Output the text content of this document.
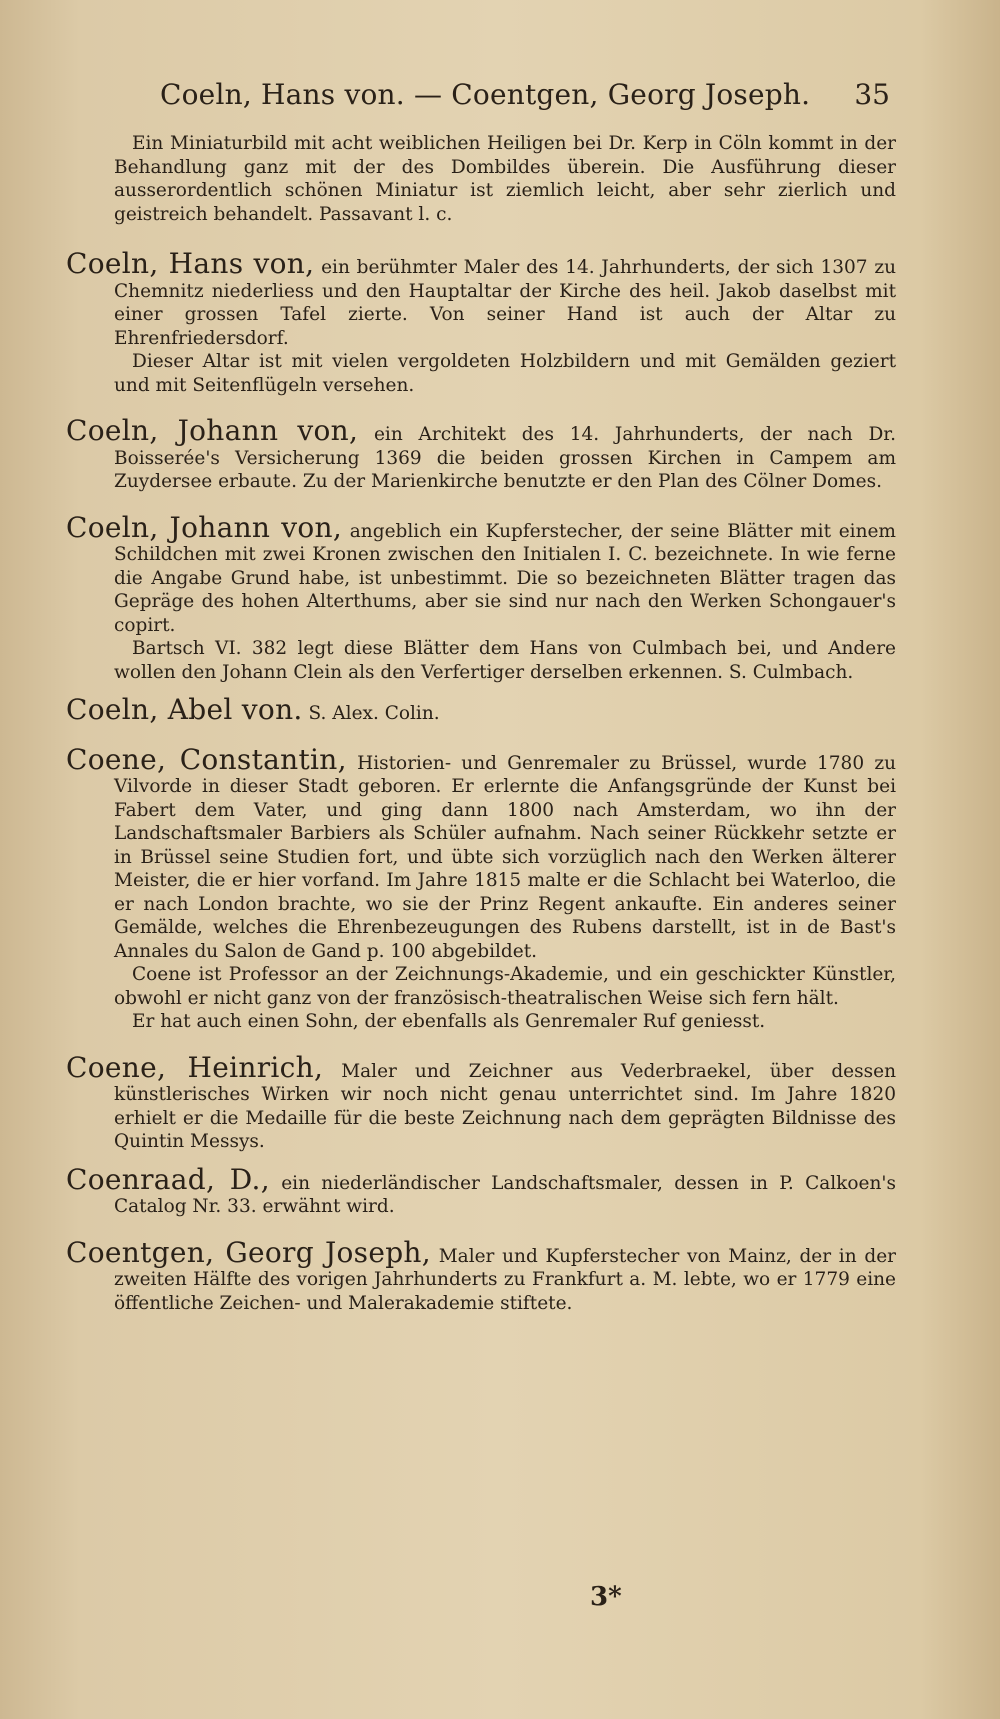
Coeln, Hans von. — Coentgen, Georg Joseph. 35

Ein Miniaturbild mit acht weiblichen Heiligen bei Dr. Kerp in Cöln kommt in der Behandlung ganz mit der des Dombildes überein. Die Ausführung dieser ausserordentlich schönen Miniatur ist ziemlich leicht, aber sehr zierlich und geistreich behandelt. Passavant l. c.

Coeln, Hans von, ein berühmter Maler des 14. Jahrhunderts, der sich 1307 zu Chemnitz niederliess und den Hauptaltar der Kirche des heil. Jakob daselbst mit einer grossen Tafel zierte. Von seiner Hand ist auch der Altar zu Ehrenfriedersdorf.

Dieser Altar ist mit vielen vergoldeten Holzbildern und mit Gemälden geziert und mit Seitenflügeln versehen.

Coeln, Johann von, ein Architekt des 14. Jahrhunderts, der nach Dr. Boisserée's Versicherung 1369 die beiden grossen Kirchen in Campem am Zuydersee erbaute. Zu der Marienkirche benutzte er den Plan des Cölner Domes.

Coeln, Johann von, angeblich ein Kupferstecher, der seine Blätter mit einem Schildchen mit zwei Kronen zwischen den Initialen I. C. bezeichnete. In wie ferne die Angabe Grund habe, ist unbestimmt. Die so bezeichneten Blätter tragen das Gepräge des hohen Alterthums, aber sie sind nur nach den Werken Schongauer's copirt.

Bartsch VI. 382 legt diese Blätter dem Hans von Culmbach bei, und Andere wollen den Johann Clein als den Verfertiger derselben erkennen. S. Culmbach.

Coeln, Abel von. S. Alex. Colin.

Coene, Constantin, Historien- und Genremaler zu Brüssel, wurde 1780 zu Vilvorde in dieser Stadt geboren. Er erlernte die Anfangsgründe der Kunst bei Fabert dem Vater, und ging dann 1800 nach Amsterdam, wo ihn der Landschaftsmaler Barbiers als Schüler aufnahm. Nach seiner Rückkehr setzte er in Brüssel seine Studien fort, und übte sich vorzüglich nach den Werken älterer Meister, die er hier vorfand. Im Jahre 1815 malte er die Schlacht bei Waterloo, die er nach London brachte, wo sie der Prinz Regent ankaufte. Ein anderes seiner Gemälde, welches die Ehrenbezeugungen des Rubens darstellt, ist in de Bast's Annales du Salon de Gand p. 100 abgebildet.

Coene ist Professor an der Zeichnungs-Akademie, und ein geschickter Künstler, obwohl er nicht ganz von der französisch-theatralischen Weise sich fern hält.

Er hat auch einen Sohn, der ebenfalls als Genremaler Ruf geniesst.

Coene, Heinrich, Maler und Zeichner aus Vederbraekel, über dessen künstlerisches Wirken wir noch nicht genau unterrichtet sind. Im Jahre 1820 erhielt er die Medaille für die beste Zeichnung nach dem geprägten Bildnisse des Quintin Messys.

Coenraad, D., ein niederländischer Landschaftsmaler, dessen in P. Calkoen's Catalog Nr. 33. erwähnt wird.

Coentgen, Georg Joseph, Maler und Kupferstecher von Mainz, der in der zweiten Hälfte des vorigen Jahrhunderts zu Frankfurt a. M. lebte, wo er 1779 eine öffentliche Zeichen- und Malerakademie stiftete.

3*
